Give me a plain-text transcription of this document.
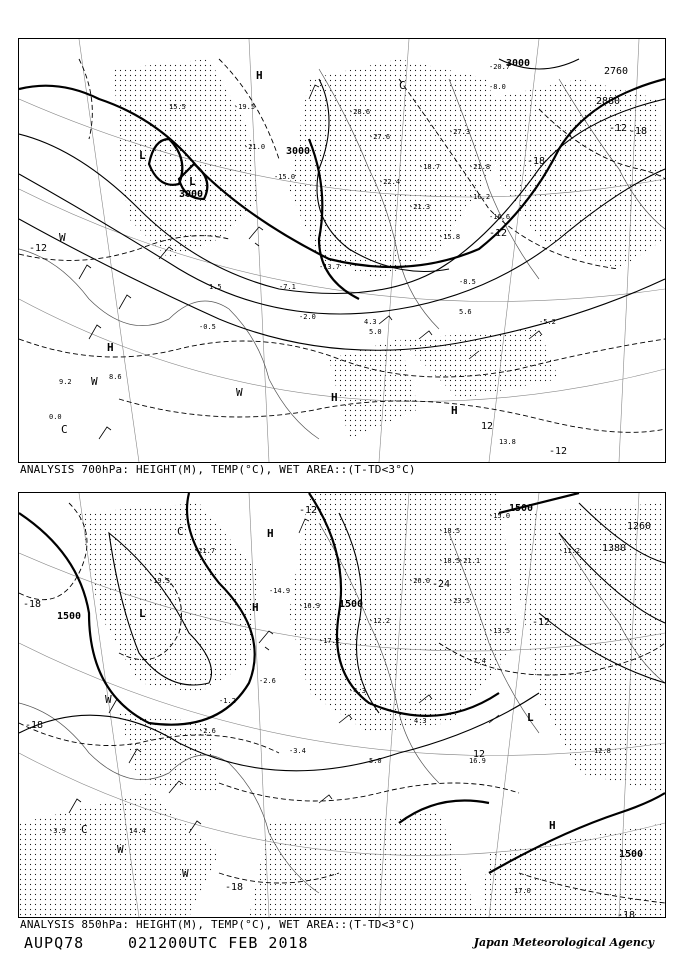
-19.5
-21.0
-15.0
-28.6
-27.6
-22.4
-21.3
-15.8
-8.5
-16.6
-13.7
-7.1
4.3
5.0
5.6
-5.2
8.6
9.2
0.0
13.8
1.5
-0.5
-2.0
-18.7	-21.8
-16.2
-27.3
-20.7
-8.0
15.5
3000
3000
3000
2880
2760
-12
-12
-12
-18
-18
12
-12
H
H
H
H
L
L
C
C
W
W
W
ANALYSIS 700hPa: HEIGHT(M), TEMP(°C), WET AREA::(T-TD<3°C)
-19.5
-21.7
-14.9
-16.9
-17.2
-4.3
-12.2
-26.0
-18.5
-23.5
-7.4
-13.5
-2.6
-1.2
-2.6
-3.4
5.0
4.3
16.9
12.8
17.0
14.4
-3.9
-18.5
-15.0
-21.1
-11.2
1500
1500
1500
1500
1380
1260
-18
-18
-12
-24
12
-18
-18
-12
H
H
H
L
L
C
C
W
W
W
ANALYSIS 850hPa: HEIGHT(M), TEMP(°C), WET AREA::(T-TD<3°C)
AUPQ78	021200UTC FEB 2018	Japan Meteorological Agency
